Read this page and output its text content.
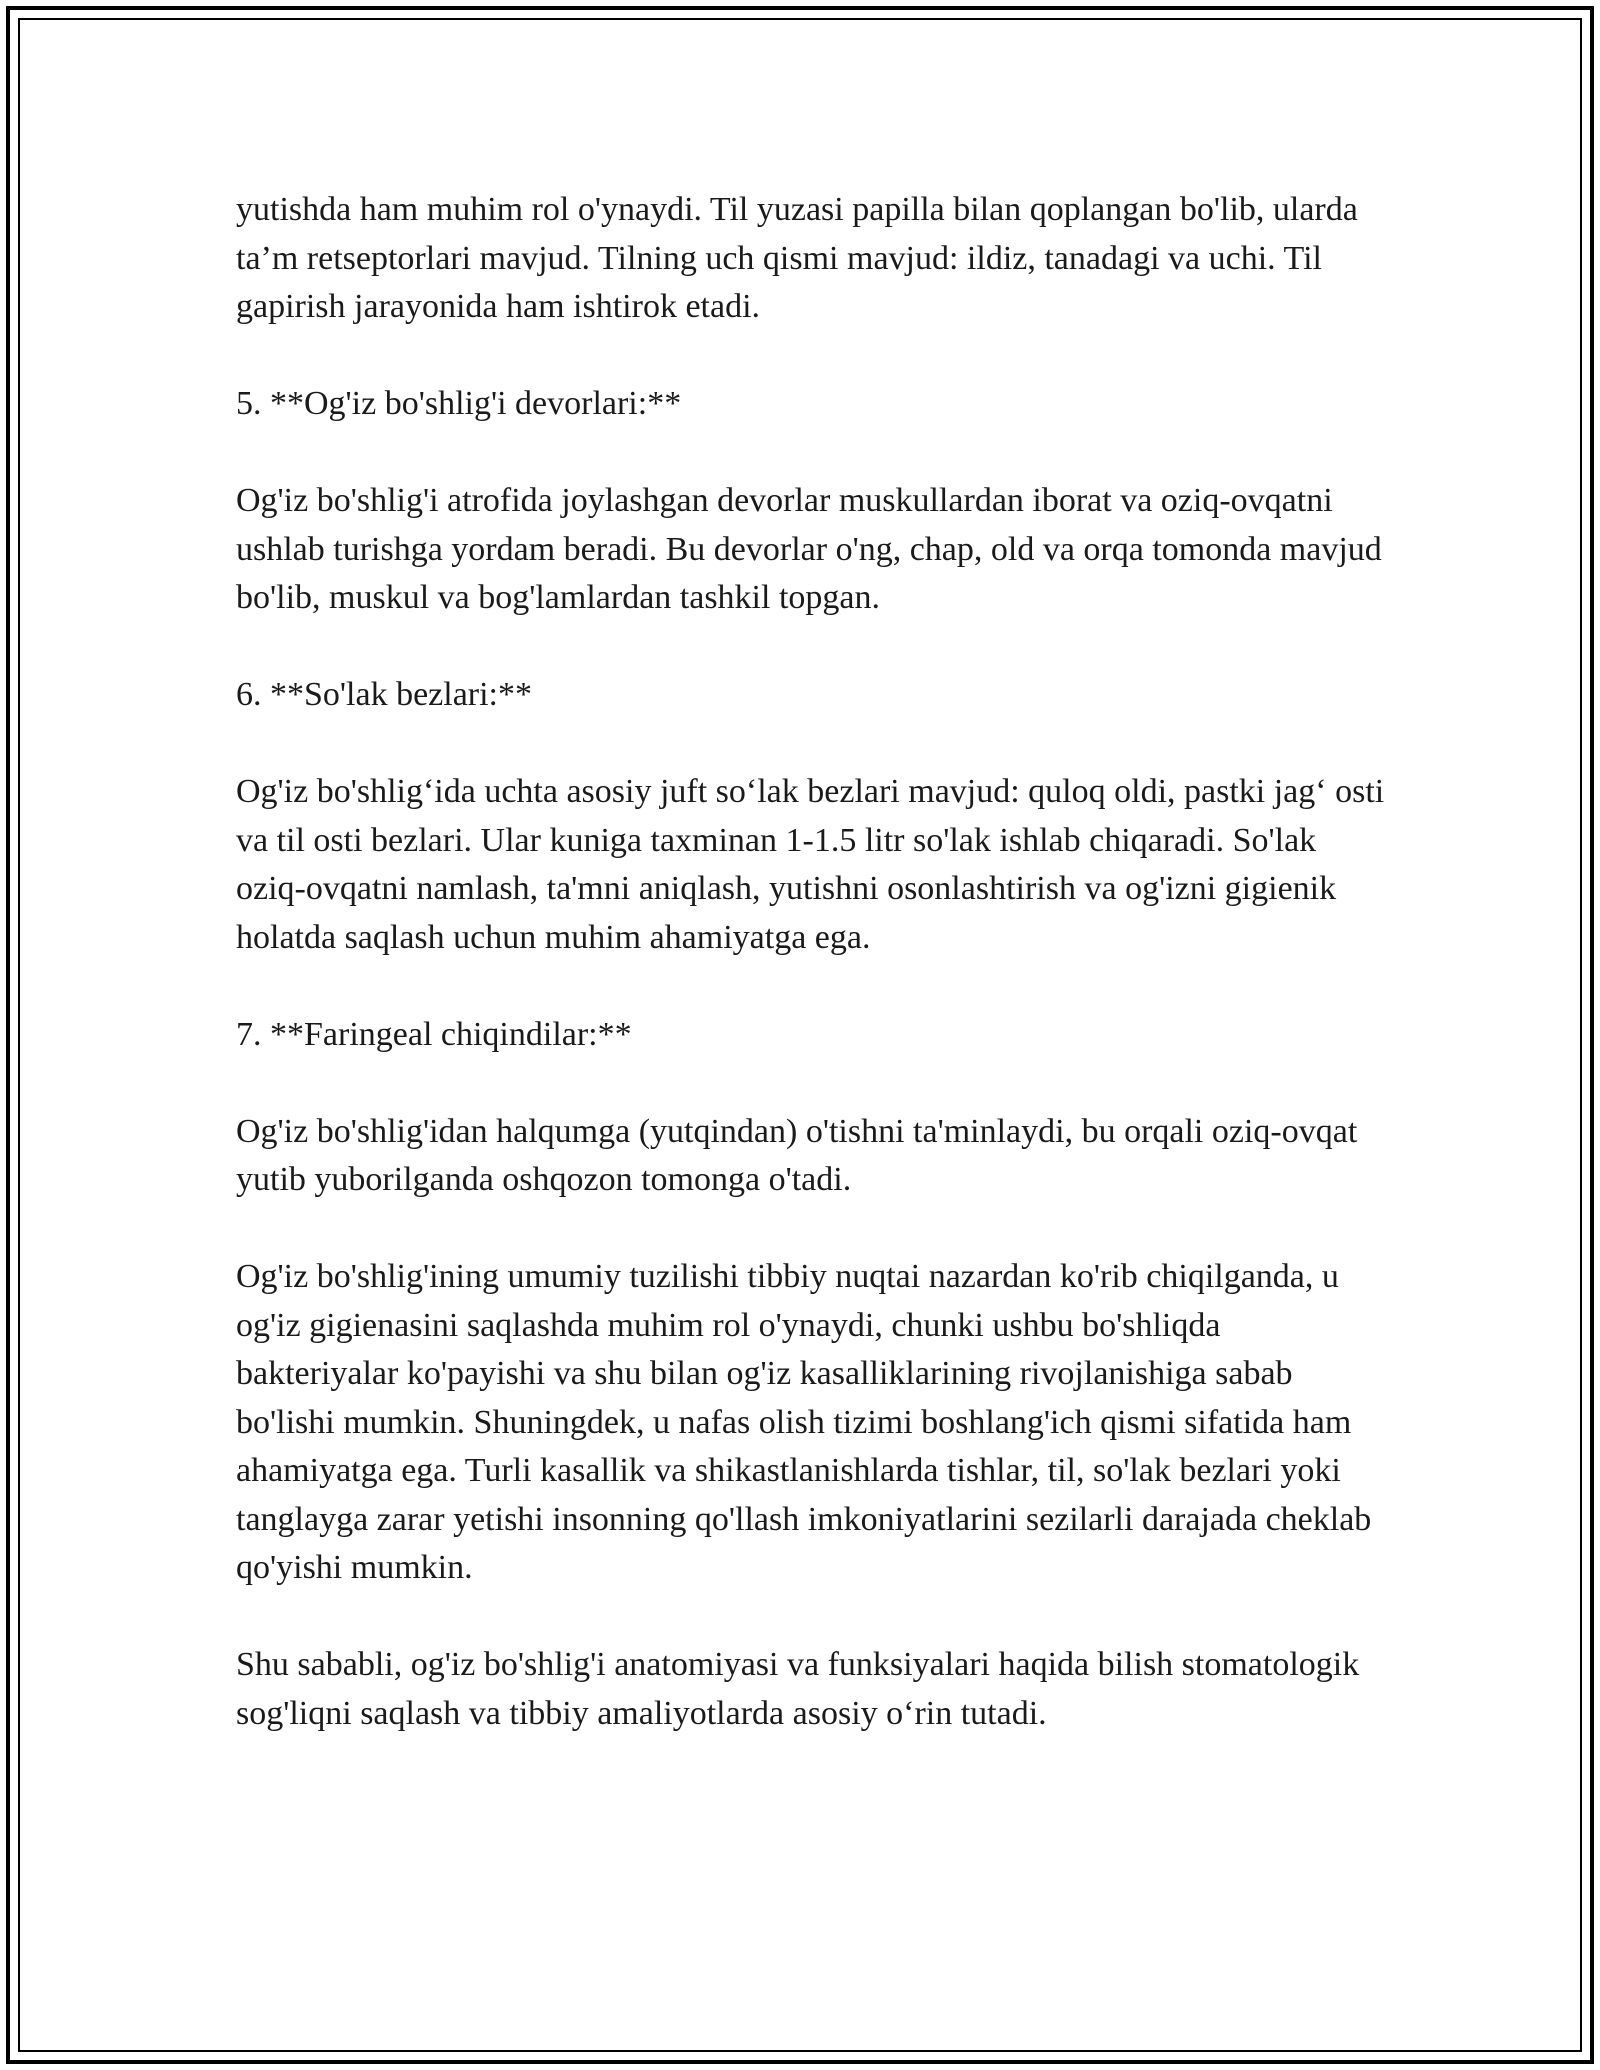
yutishda ham muhim rol o'ynaydi. Til yuzasi papilla bilan qoplangan bo'lib, ularda ta’m retseptorlari mavjud. Tilning uch qismi mavjud: ildiz, tanadagi va uchi. Til gapirish jarayonida ham ishtirok etadi.

5. **Og'iz bo'shlig'i devorlari:**

Og'iz bo'shlig'i atrofida joylashgan devorlar muskullardan iborat va oziq-ovqatni ushlab turishga yordam beradi. Bu devorlar o'ng, chap, old va orqa tomonda mavjud bo'lib, muskul va bog'lamlardan tashkil topgan.

6. **So'lak bezlari:**

Og'iz bo'shlig‘ida uchta asosiy juft so‘lak bezlari mavjud: quloq oldi, pastki jag‘ osti va til osti bezlari. Ular kuniga taxminan 1-1.5 litr so'lak ishlab chiqaradi. So'lak oziq-ovqatni namlash, ta'mni aniqlash, yutishni osonlashtirish va og'izni gigienik holatda saqlash uchun muhim ahamiyatga ega.

7. **Faringeal chiqindilar:**

Og'iz bo'shlig'idan halqumga (yutqindan) o'tishni ta'minlaydi, bu orqali oziq-ovqat yutib yuborilganda oshqozon tomonga o'tadi.

Og'iz bo'shlig'ining umumiy tuzilishi tibbiy nuqtai nazardan ko'rib chiqilganda, u og'iz gigienasini saqlashda muhim rol o'ynaydi, chunki ushbu bo'shliqda bakteriyalar ko'payishi va shu bilan og'iz kasalliklarining rivojlanishiga sabab bo'lishi mumkin. Shuningdek, u nafas olish tizimi boshlang'ich qismi sifatida ham ahamiyatga ega. Turli kasallik va shikastlanishlarda tishlar, til, so'lak bezlari yoki tanglayga zarar yetishi insonning qo'llash imkoniyatlarini sezilarli darajada cheklab qo'yishi mumkin.

Shu sababli, og'iz bo'shlig'i anatomiyasi va funksiyalari haqida bilish stomatologik sog'liqni saqlash va tibbiy amaliyotlarda asosiy o‘rin tutadi.
